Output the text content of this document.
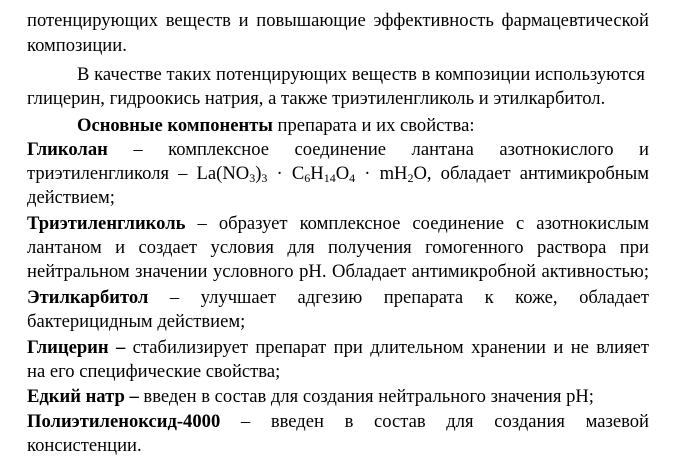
потенцирующих веществ и повышающие эффективность фармацевтической
композиции.
В качестве таких потенцирующих веществ в композиции используются
глицерин, гидроокись натрия, а также триэтиленгликоль и этилкарбитол.
Основные компоненты препарата и их свойства:
Гликолан – комплексное соединение лантана азотнокислого и
триэтиленгликоля – $La(NO_3)_3 \cdot C_6H_{14}O_4 \cdot mH_2O$, обладает антимикробным
действием;
Триэтиленгликоль – образует комплексное соединение с азотнокислым
лантаном и создает условия для получения гомогенного раствора при
нейтральном значении условного pH. Обладает антимикробной активностью;
Этилкарбитол – улучшает адгезию препарата к коже, обладает
бактерицидным действием;
Глицерин – стабилизирует препарат при длительном хранении и не влияет
на его специфические свойства;
Едкий натр – введен в состав для создания нейтрального значения pH;
Полиэтиленоксид-4000 – введен в состав для создания мазевой
консистенции.
